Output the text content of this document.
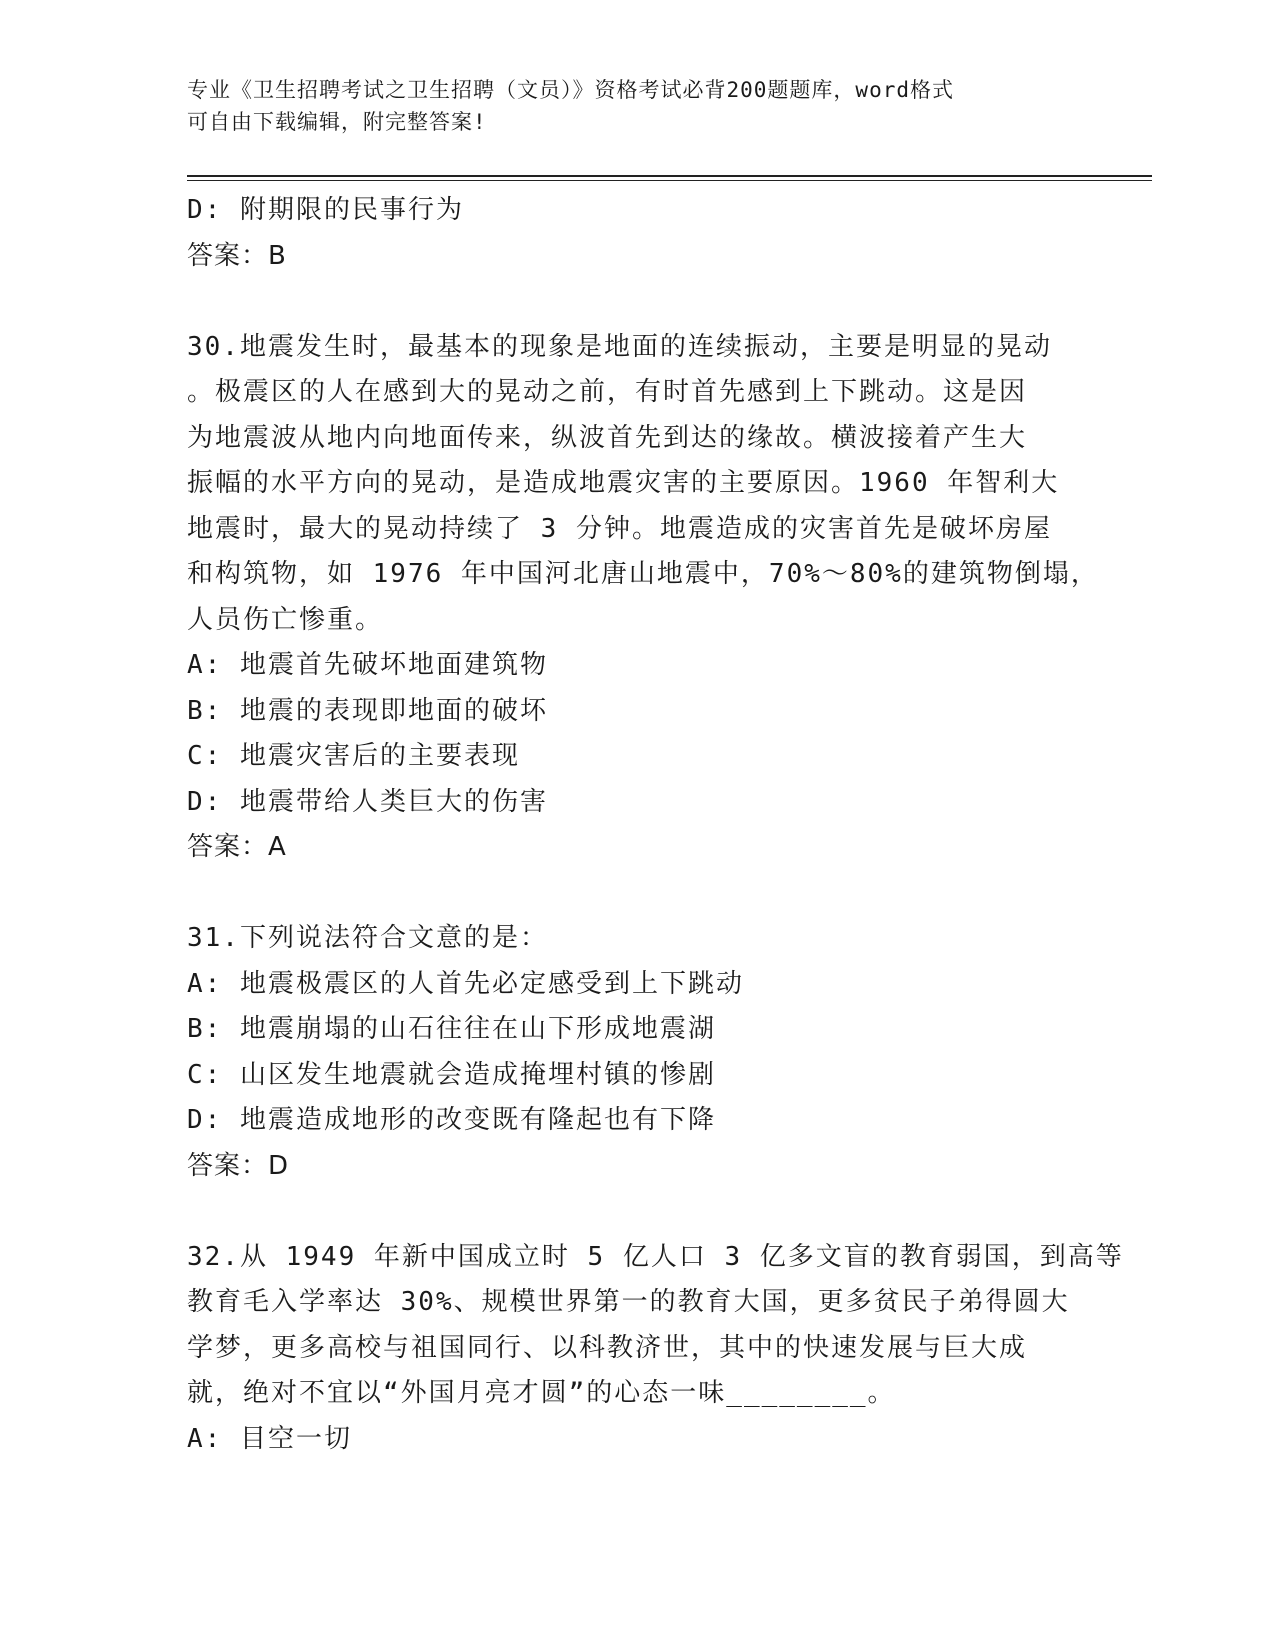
专业《卫生招聘考试之卫生招聘（文员）》资格考试必背200题题库，word格式
可自由下载编辑，附完整答案!
D: 附期限的民事行为
答案：B
30.地震发生时，最基本的现象是地面的连续振动，主要是明显的晃动
。极震区的人在感到大的晃动之前，有时首先感到上下跳动。这是因
为地震波从地内向地面传来，纵波首先到达的缘故。横波接着产生大
振幅的水平方向的晃动，是造成地震灾害的主要原因。1960 年智利大
地震时，最大的晃动持续了 3 分钟。地震造成的灾害首先是破坏房屋
和构筑物，如 1976 年中国河北唐山地震中，70%～80%的建筑物倒塌，
人员伤亡惨重。
A: 地震首先破坏地面建筑物
B: 地震的表现即地面的破坏
C: 地震灾害后的主要表现
D: 地震带给人类巨大的伤害
答案：A
31.下列说法符合文意的是：
A: 地震极震区的人首先必定感受到上下跳动
B: 地震崩塌的山石往往在山下形成地震湖
C: 山区发生地震就会造成掩埋村镇的惨剧
D: 地震造成地形的改变既有隆起也有下降
答案：D
32.从 1949 年新中国成立时 5 亿人口 3 亿多文盲的教育弱国，到高等
教育毛入学率达 30%、规模世界第一的教育大国，更多贫民子弟得圆大
学梦，更多高校与祖国同行、以科教济世，其中的快速发展与巨大成
就，绝对不宜以“外国月亮才圆”的心态一味________。
A: 目空一切
